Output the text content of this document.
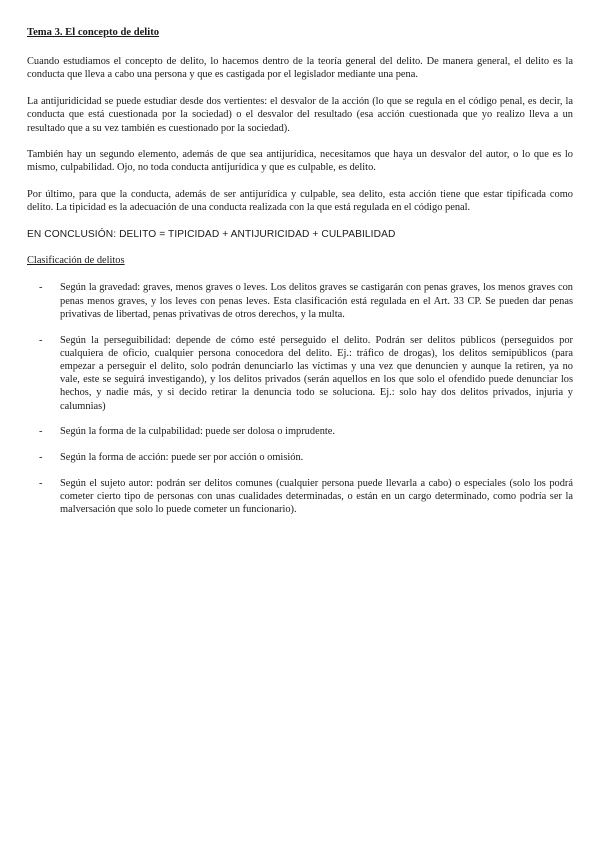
Tema 3. El concepto de delito

Cuando estudiamos el concepto de delito, lo hacemos dentro de la teoría general del delito. De manera general, el delito es la conducta que lleva a cabo una persona y que es castigada por el legislador mediante una pena.

La antijuridicidad se puede estudiar desde dos vertientes: el desvalor de la acción (lo que se regula en el código penal, es decir, la conducta que está cuestionada por la sociedad) o el desvalor del resultado (esa acción cuestionada que yo realizo lleva a un resultado que a su vez también es cuestionado por la sociedad).

También hay un segundo elemento, además de que sea antijurídica, necesitamos que haya un desvalor del autor, o lo que es lo mismo, culpabilidad. Ojo, no toda conducta antijurídica y que es culpable, es delito.

Por último, para que la conducta, además de ser antijurídica y culpable, sea delito, esta acción tiene que estar tipificada como delito. La tipicidad es la adecuación de una conducta realizada con la que está regulada en el código penal.

EN CONCLUSIÓN: DELITO = TIPICIDAD + ANTIJURICIDAD + CULPABILIDAD
Clasificación de delitos
- Según la gravedad: graves, menos graves o leves. Los delitos graves se castigarán con penas graves, los menos graves con penas menos graves, y los leves con penas leves. Esta clasificación está regulada en el Art. 33 CP. Se pueden dar penas privativas de libertad, penas privativas de otros derechos, y la multa.
- Según la perseguibilidad: depende de cómo esté perseguido el delito. Podrán ser delitos públicos (perseguidos por cualquiera de oficio, cualquier persona conocedora del delito. Ej.: tráfico de drogas), los delitos semipúblicos (para empezar a perseguir el delito, solo podrán denunciarlo las víctimas y una vez que denuncien y aunque la retiren, ya no vale, este se seguirá investigando), y los delitos privados (serán aquellos en los que solo el ofendido puede denunciar los hechos, y nadie más, y si decido retirar la denuncia todo se soluciona. Ej.: solo hay dos delitos privados, injuria y calumnias)
- Según la forma de la culpabilidad: puede ser dolosa o imprudente.
- Según la forma de acción: puede ser por acción o omisión.
- Según el sujeto autor: podrán ser delitos comunes (cualquier persona puede llevarla a cabo) o especiales (solo los podrá cometer cierto tipo de personas con unas cualidades determinadas, o están en un cargo determinado, como podría ser la malversación que solo lo puede cometer un funcionario).
